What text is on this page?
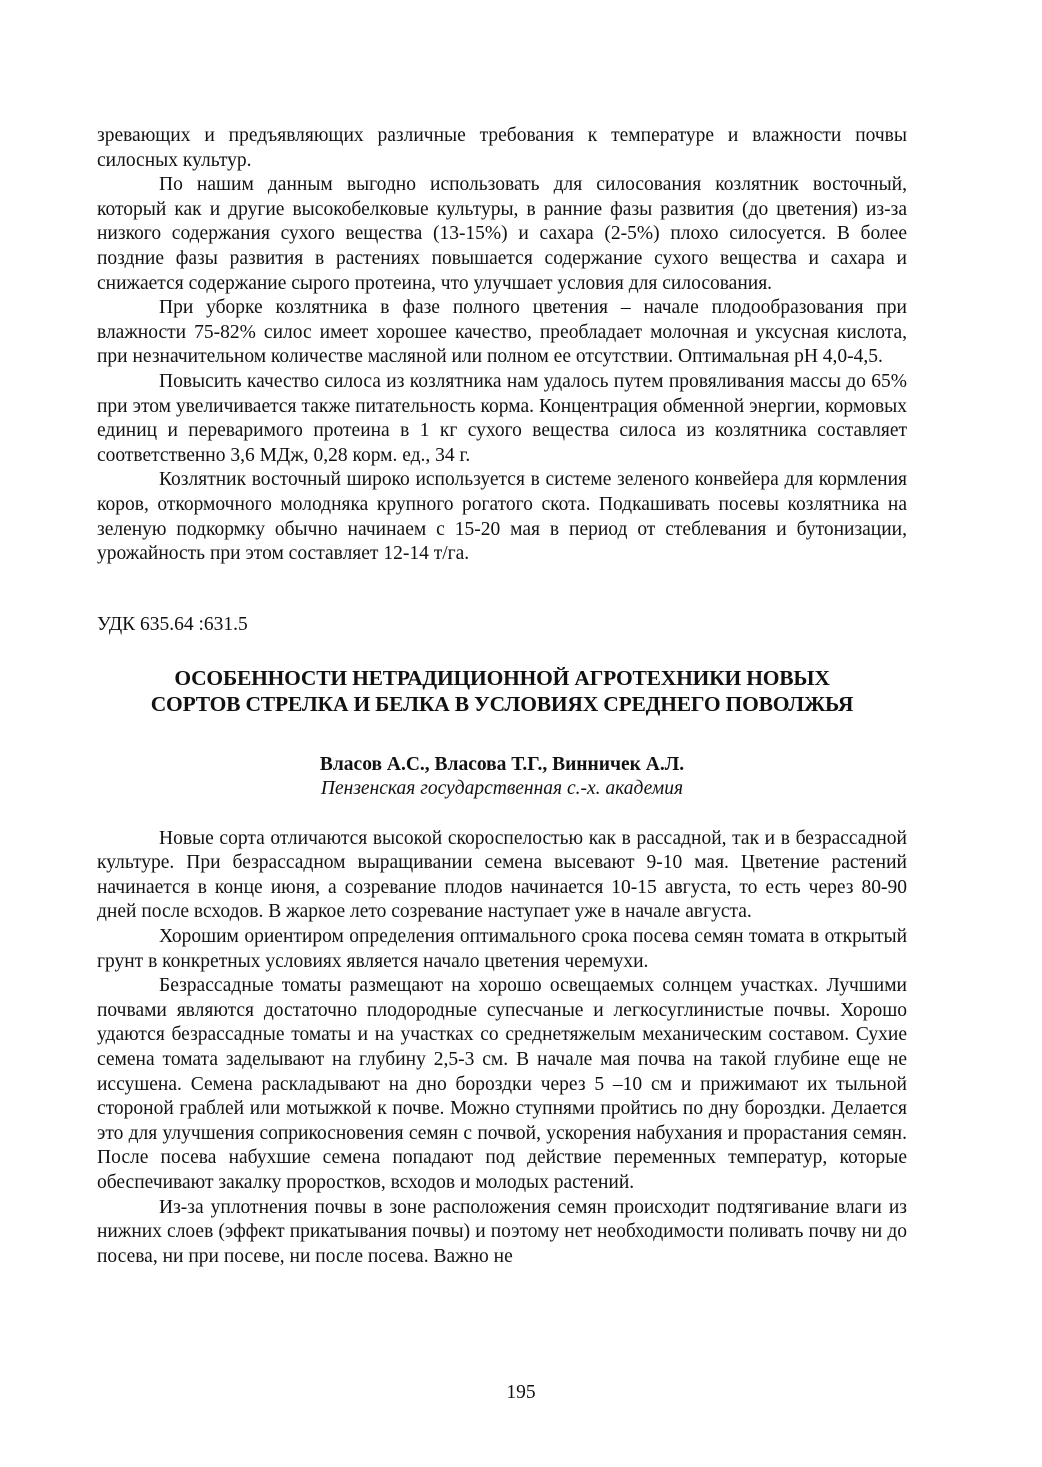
зревающих и предъявляющих различные требования к температуре и влажности почвы силосных культур.

По нашим данным выгодно использовать для силосования козлятник восточный, который как и другие высокобелковые культуры, в ранние фазы развития (до цветения) из-за низкого содержания сухого вещества (13-15%) и сахара (2-5%) плохо силосуется. В более поздние фазы развития в растениях повышается содержание сухого вещества и сахара и снижается содержание сырого протеина, что улучшает условия для силосования.

При уборке козлятника в фазе полного цветения – начале плодообразования при влажности 75-82% силос имеет хорошее качество, преобладает молочная и уксусная кислота, при незначительном количестве масляной или полном ее отсутствии. Оптимальная pH 4,0-4,5.

Повысить качество силоса из козлятника нам удалось путем провяливания массы до 65% при этом увеличивается также питательность корма. Концентрация обменной энергии, кормовых единиц и переваримого протеина в 1 кг сухого вещества силоса из козлятника составляет соответственно 3,6 МДж, 0,28 корм. ед., 34 г.

Козлятник восточный широко используется в системе зеленого конвейера для кормления коров, откормочного молодняка крупного рогатого скота. Подкашивать посевы козлятника на зеленую подкормку обычно начинаем с 15-20 мая в период от стеблевания и бутонизации, урожайность при этом составляет 12-14 т/га.

УДК 635.64 :631.5
ОСОБЕННОСТИ НЕТРАДИЦИОННОЙ АГРОТЕХНИКИ НОВЫХ
СОРТОВ СТРЕЛКА И БЕЛКА В УСЛОВИЯХ СРЕДНЕГО ПОВОЛЖЬЯ
Власов А.С., Власова Т.Г., Винничек А.Л.
Пензенская государственная с.-х. академия

Новые сорта отличаются высокой скороспелостью как в рассадной, так и в безрассадной культуре. При безрассадном выращивании семена высевают 9-10 мая. Цветение растений начинается в конце июня, а созревание плодов начинается 10-15 августа, то есть через 80-90 дней после всходов. В жаркое лето созревание наступает уже в начале августа.

Хорошим ориентиром определения оптимального срока посева семян томата в открытый грунт в конкретных условиях является начало цветения черемухи.

Безрассадные томаты размещают на хорошо освещаемых солнцем участках. Лучшими почвами являются достаточно плодородные супесчаные и легкосуглинистые почвы. Хорошо удаются безрассадные томаты и на участках со среднетяжелым механическим составом. Сухие семена томата заделывают на глубину 2,5-3 см. В начале мая почва на такой глубине еще не иссушена. Семена раскладывают на дно бороздки через 5 –10 см и прижимают их тыльной стороной граблей или мотыжкой к почве. Можно ступнями пройтись по дну бороздки. Делается это для улучшения соприкосновения семян с почвой, ускорения набухания и прорастания семян. После посева набухшие семена попадают под действие переменных температур, которые обеспечивают закалку проростков, всходов и молодых растений.

Из-за уплотнения почвы в зоне расположения семян происходит подтягивание влаги из нижних слоев (эффект прикатывания почвы) и поэтому нет необходимости поливать почву ни до посева, ни при посеве, ни после посева. Важно не

195
